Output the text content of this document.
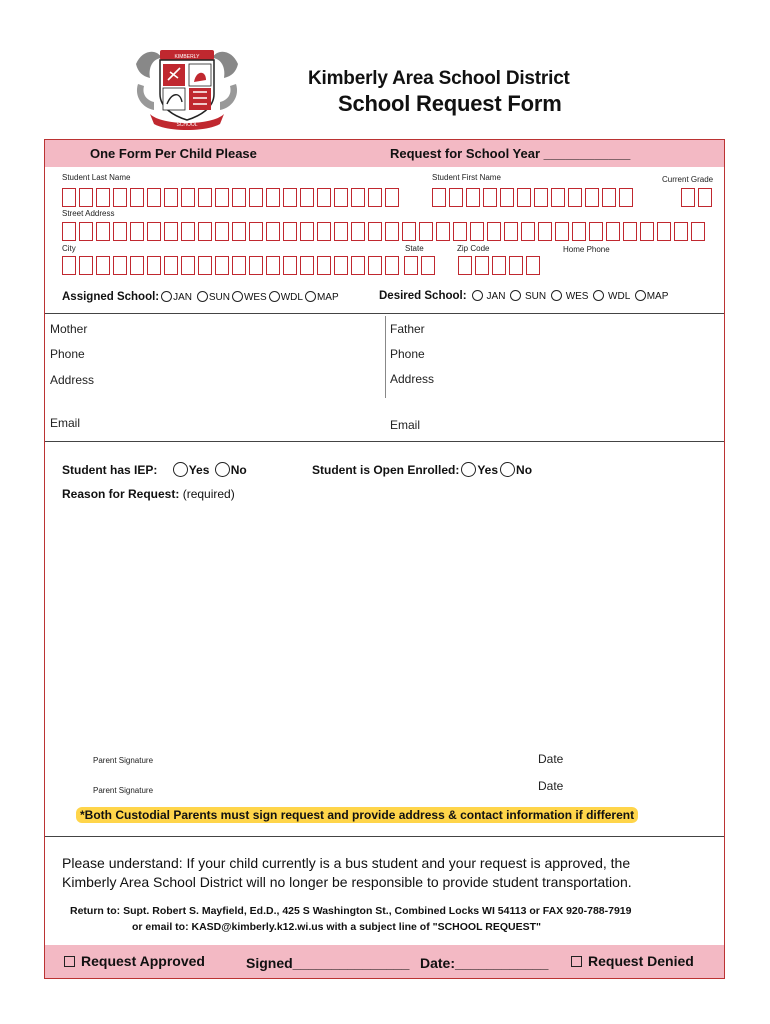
KIMBERLY
SCHOOL
Kimberly Area School District
School Request Form
One Form Per Child Please	Request for School Year ____________
Student Last Name	Student First Name	Current Grade
Street Address
City	State	Zip Code	Home Phone
Assigned School: JAN SUN WES WDL MAP	Desired School: JAN SUN WES WDL MAP
Mother	Father
Phone	Phone
Address	Address
Email	Email
Student has IEP:	Yes No	Student is Open Enrolled: Yes No
Reason for Request: (required)
Parent Signature	Date
Parent Signature	Date
*Both Custodial Parents must sign request and provide address & contact information if different
Please understand: If your child currently is a bus student and your request is approved, the
Kimberly Area School District will no longer be responsible to provide student transportation.
Return to: Supt. Robert S. Mayfield, Ed.D., 425 S Washington St., Combined Locks WI 54113 or FAX 920-788-7919
or email to: KASD@kimberly.k12.wi.us with a subject line of "SCHOOL REQUEST"
Request Approved	Signed_______________ Date:____________	Request Denied
